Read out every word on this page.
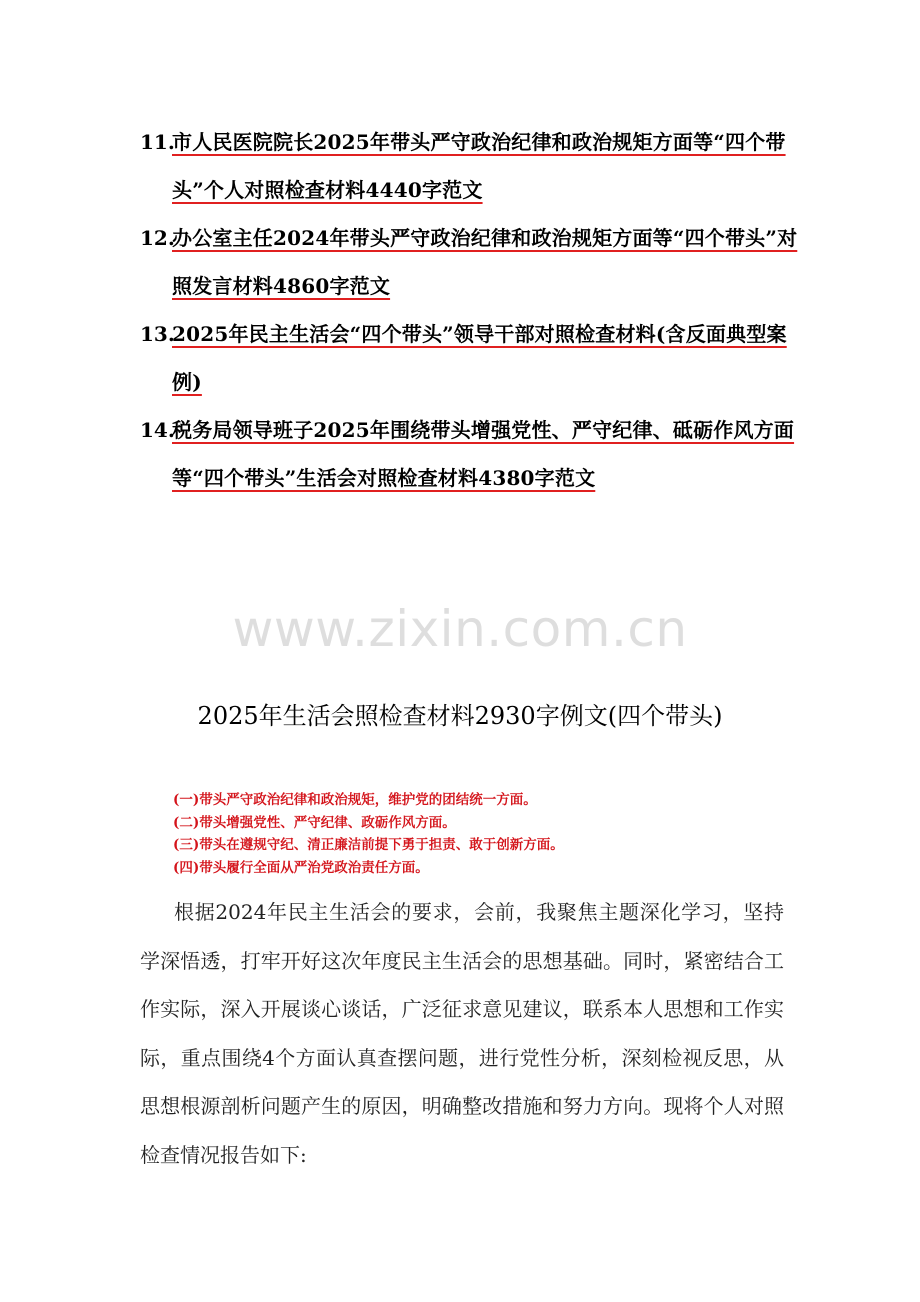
11.
市人民医院院长2025年带头严守政治纪律和政治规矩方面等“四个带头”个人对照检查材料4440字范文
12.
办公室主任2024年带头严守政治纪律和政治规矩方面等“四个带头”对照发言材料4860字范文
13.
2025年民主生活会“四个带头”领导干部对照检查材料(含反面典型案例)
14.
税务局领导班子2025年围绕带头增强党性、严守纪律、砥砺作风方面等“四个带头”生活会对照检查材料4380字范文
www.zixin.com.cn
2025年生活会照检查材料2930字例文(四个带头)
(一)带头严守政治纪律和政治规矩，维护党的团结统一方面。
(二)带头增强党性、严守纪律、政砺作风方面。
(三)带头在遵规守纪、清正廉洁前提下勇于担责、敢于创新方面。
(四)带头履行全面从严治党政治责任方面。
根据2024年民主生活会的要求，会前，我聚焦主题深化学习，坚持学深悟透，打牢开好这次年度民主生活会的思想基础。同时，紧密结合工作实际，深入开展谈心谈话，广泛征求意见建议，联系本人思想和工作实际，重点围绕4个方面认真查摆问题，进行党性分析，深刻检视反思，从思想根源剖析问题产生的原因，明确整改措施和努力方向。现将个人对照检查情况报告如下:
